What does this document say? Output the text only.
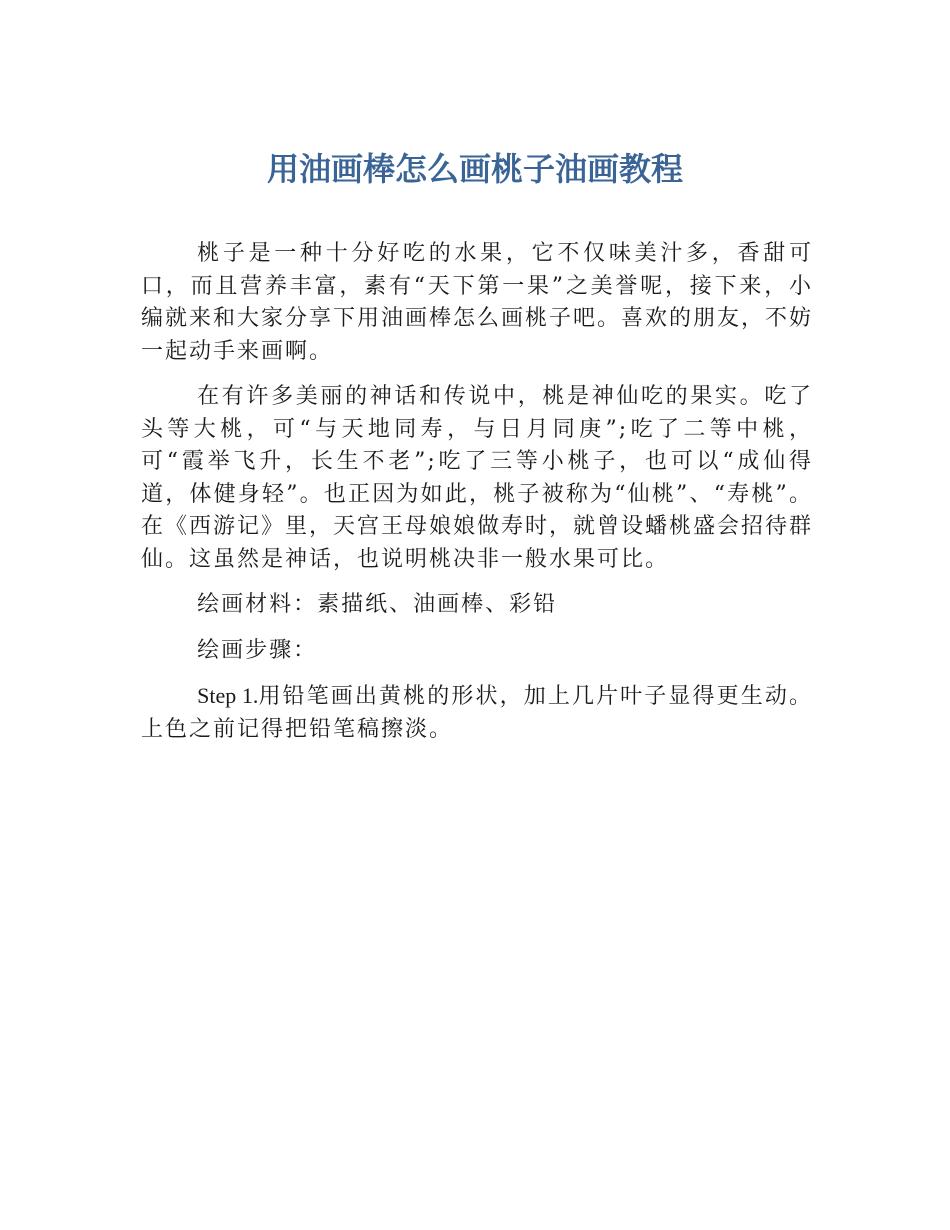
用油画棒怎么画桃子油画教程

桃子是一种十分好吃的水果，它不仅味美汁多，香甜可口，而且营养丰富，素有“天下第一果”之美誉呢，接下来，小编就来和大家分享下用油画棒怎么画桃子吧。喜欢的朋友，不妨一起动手来画啊。

在有许多美丽的神话和传说中，桃是神仙吃的果实。吃了头等大桃，可“与天地同寿，与日月同庚”;吃了二等中桃，可“霞举飞升，长生不老”;吃了三等小桃子，也可以“成仙得道，体健身轻”。也正因为如此，桃子被称为“仙桃”、“寿桃”。在《西游记》里，天宫王母娘娘做寿时，就曾设蟠桃盛会招待群仙。这虽然是神话，也说明桃决非一般水果可比。

绘画材料：素描纸、油画棒、彩铅

绘画步骤：

Step 1.用铅笔画出黄桃的形状，加上几片叶子显得更生动。上色之前记得把铅笔稿擦淡。
